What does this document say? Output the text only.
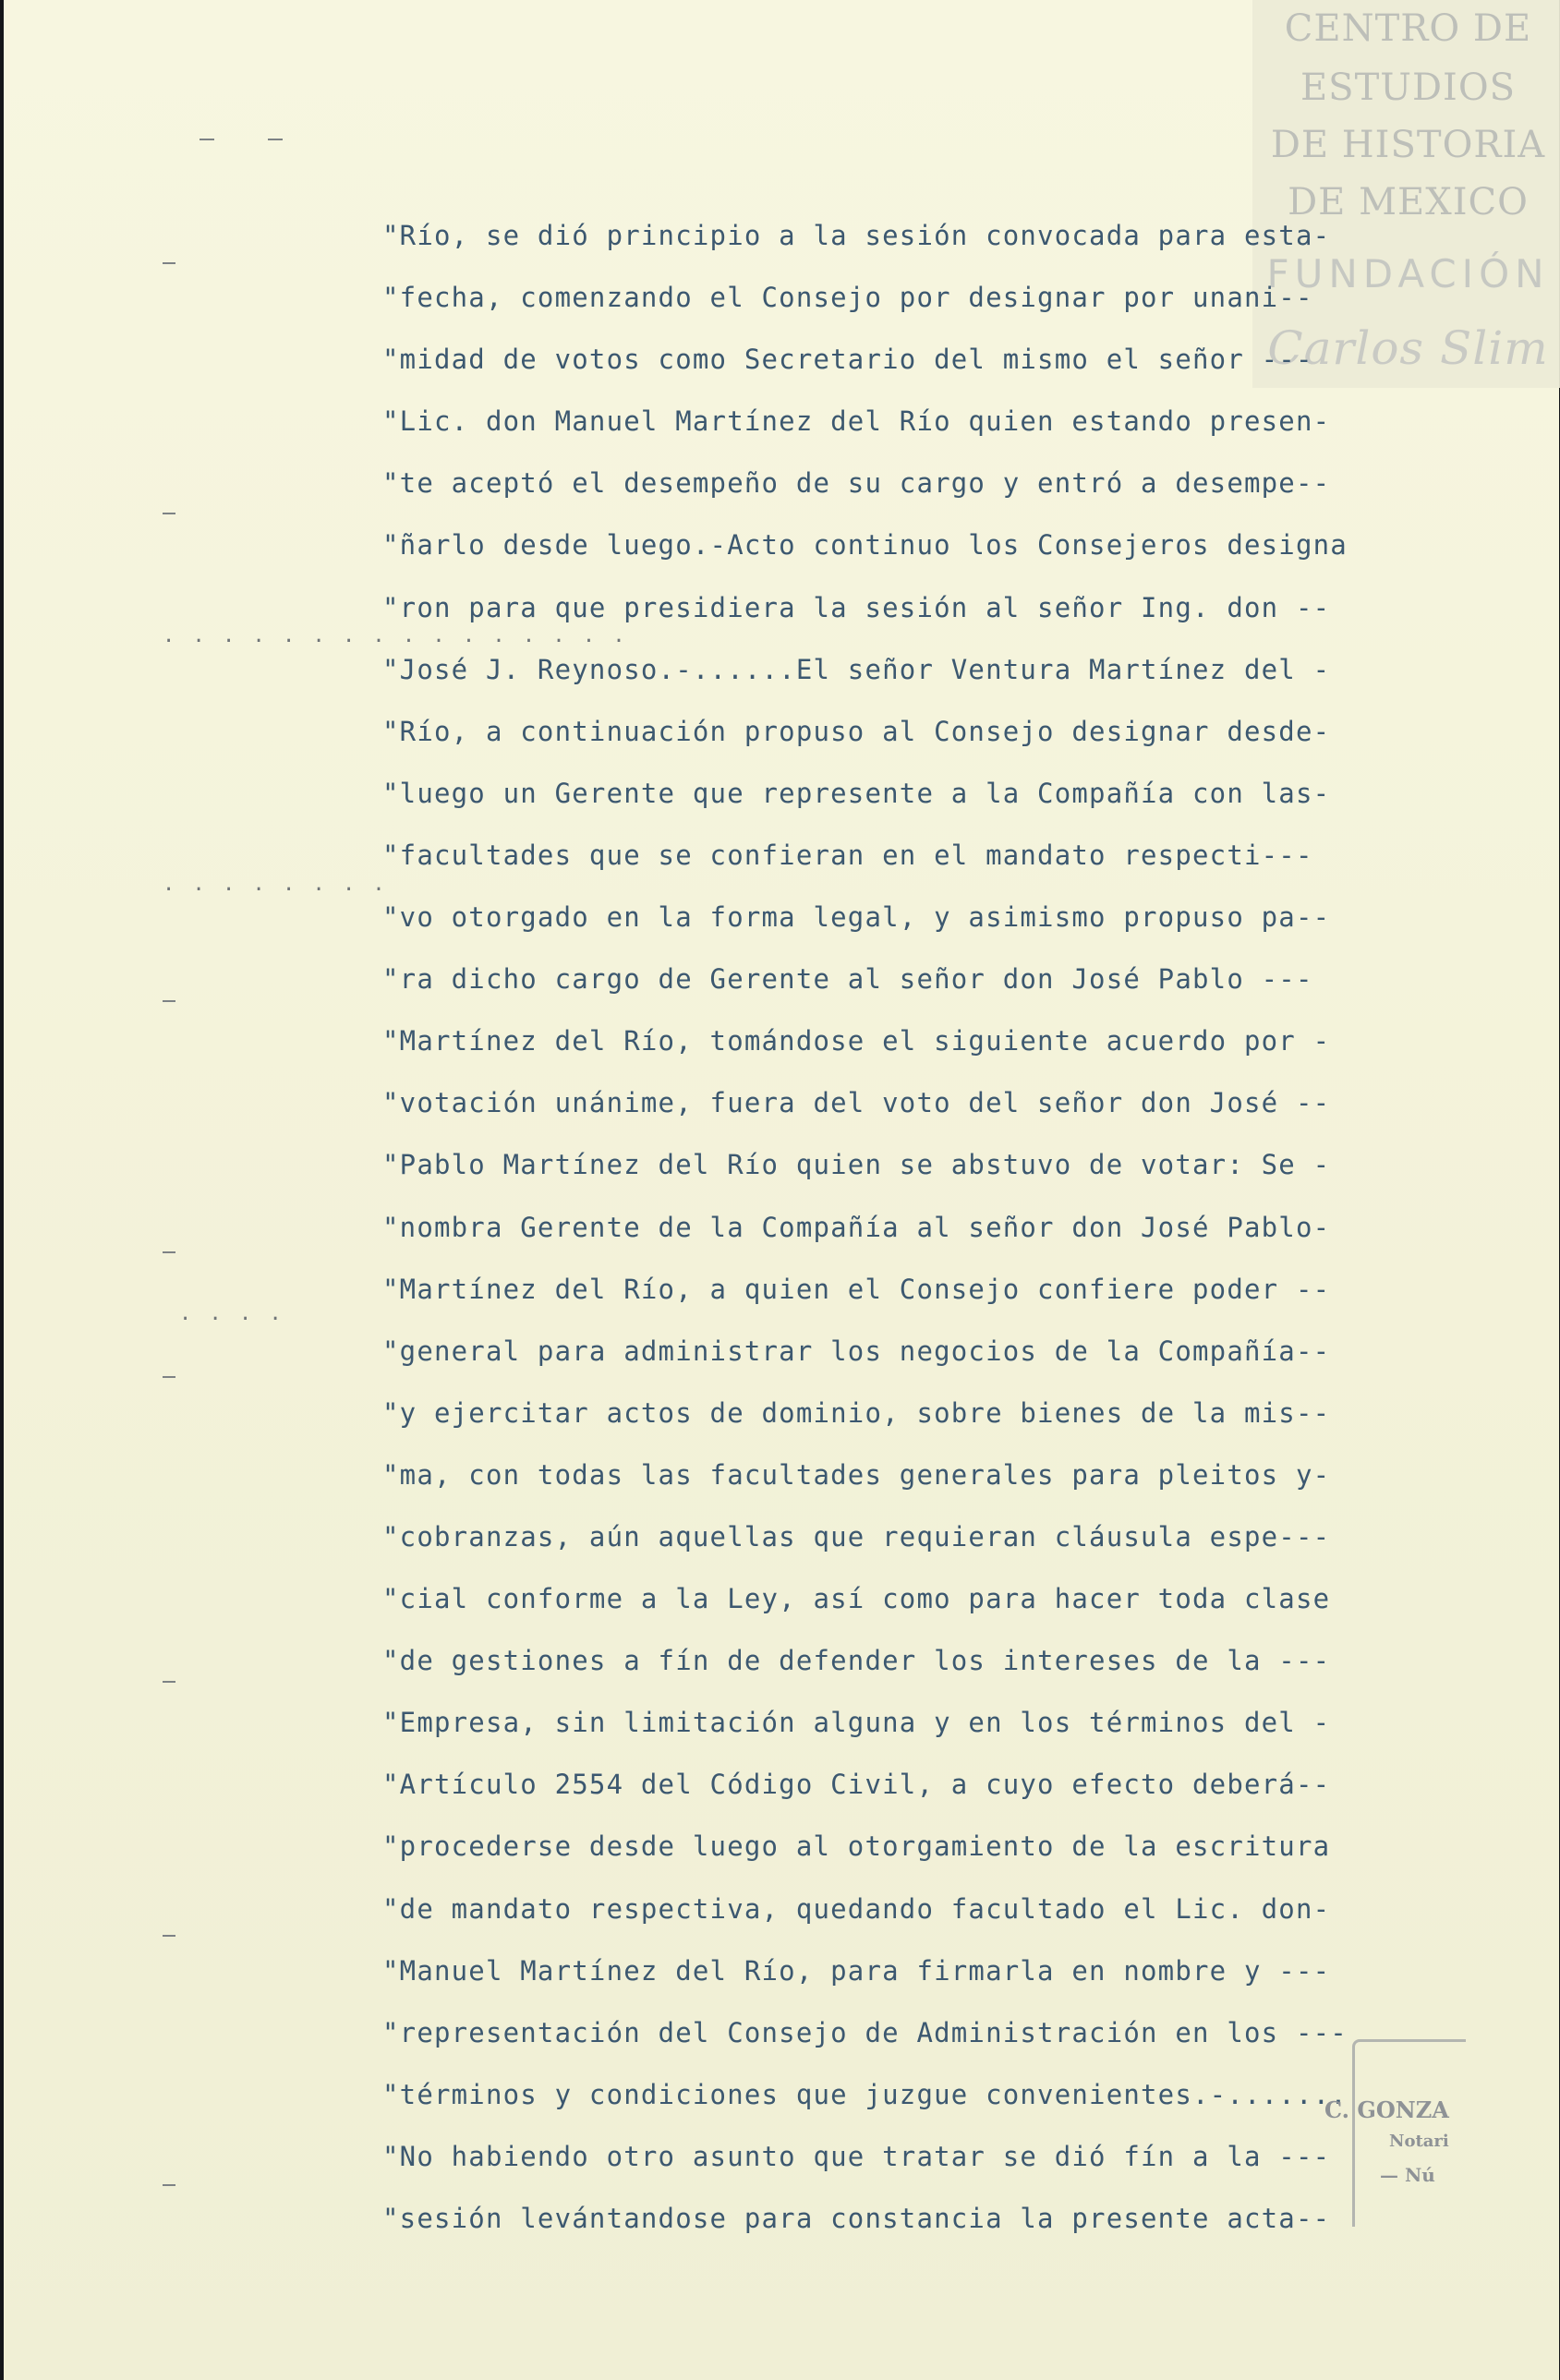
CENTRO DE
ESTUDIOS
DE HISTORIA
DE MEXICO
FUNDACIÓN
Carlos Slim
. . . . . . . . . . . . . . . .
. . . . . . . .
. . . .
"Río, se dió principio a la sesión convocada para esta-
"fecha, comenzando el Consejo por designar por unani--
"midad de votos como Secretario del mismo el señor ---
"Lic. don Manuel Martínez del Río quien estando presen-
"te aceptó el desempeño de su cargo y entró a desempe--
"ñarlo desde luego.-Acto continuo los Consejeros designa
"ron para que presidiera la sesión al señor Ing. don --
"José J. Reynoso.-......El señor Ventura Martínez del -
"Río, a continuación propuso al Consejo designar desde-
"luego un Gerente que represente a la Compañía con las-
"facultades que se confieran en el mandato respecti---
"vo otorgado en la forma legal, y asimismo propuso pa--
"ra dicho cargo de Gerente al señor don José Pablo ---
"Martínez del Río, tomándose el siguiente acuerdo por -
"votación unánime, fuera del voto del señor don José --
"Pablo Martínez del Río quien se abstuvo de votar: Se -
"nombra Gerente de la Compañía al señor don José Pablo-
"Martínez del Río, a quien el Consejo confiere poder --
"general para administrar los negocios de la Compañía--
"y ejercitar actos de dominio, sobre bienes de la mis--
"ma, con todas las facultades generales para pleitos y-
"cobranzas, aún aquellas que requieran cláusula espe---
"cial conforme a la Ley, así como para hacer toda clase
"de gestiones a fín de defender los intereses de la ---
"Empresa, sin limitación alguna y en los términos del -
"Artículo 2554 del Código Civil, a cuyo efecto deberá--
"procederse desde luego al otorgamiento de la escritura
"de mandato respectiva, quedando facultado el Lic. don-
"Manuel Martínez del Río, para firmarla en nombre y ---
"representación del Consejo de Administración en los ---
"términos y condiciones que juzgue convenientes.-.......
"No habiendo otro asunto que tratar se dió fín a la ---
"sesión levántandose para constancia la presente acta--
C. GONZA
Notari
— Nú
